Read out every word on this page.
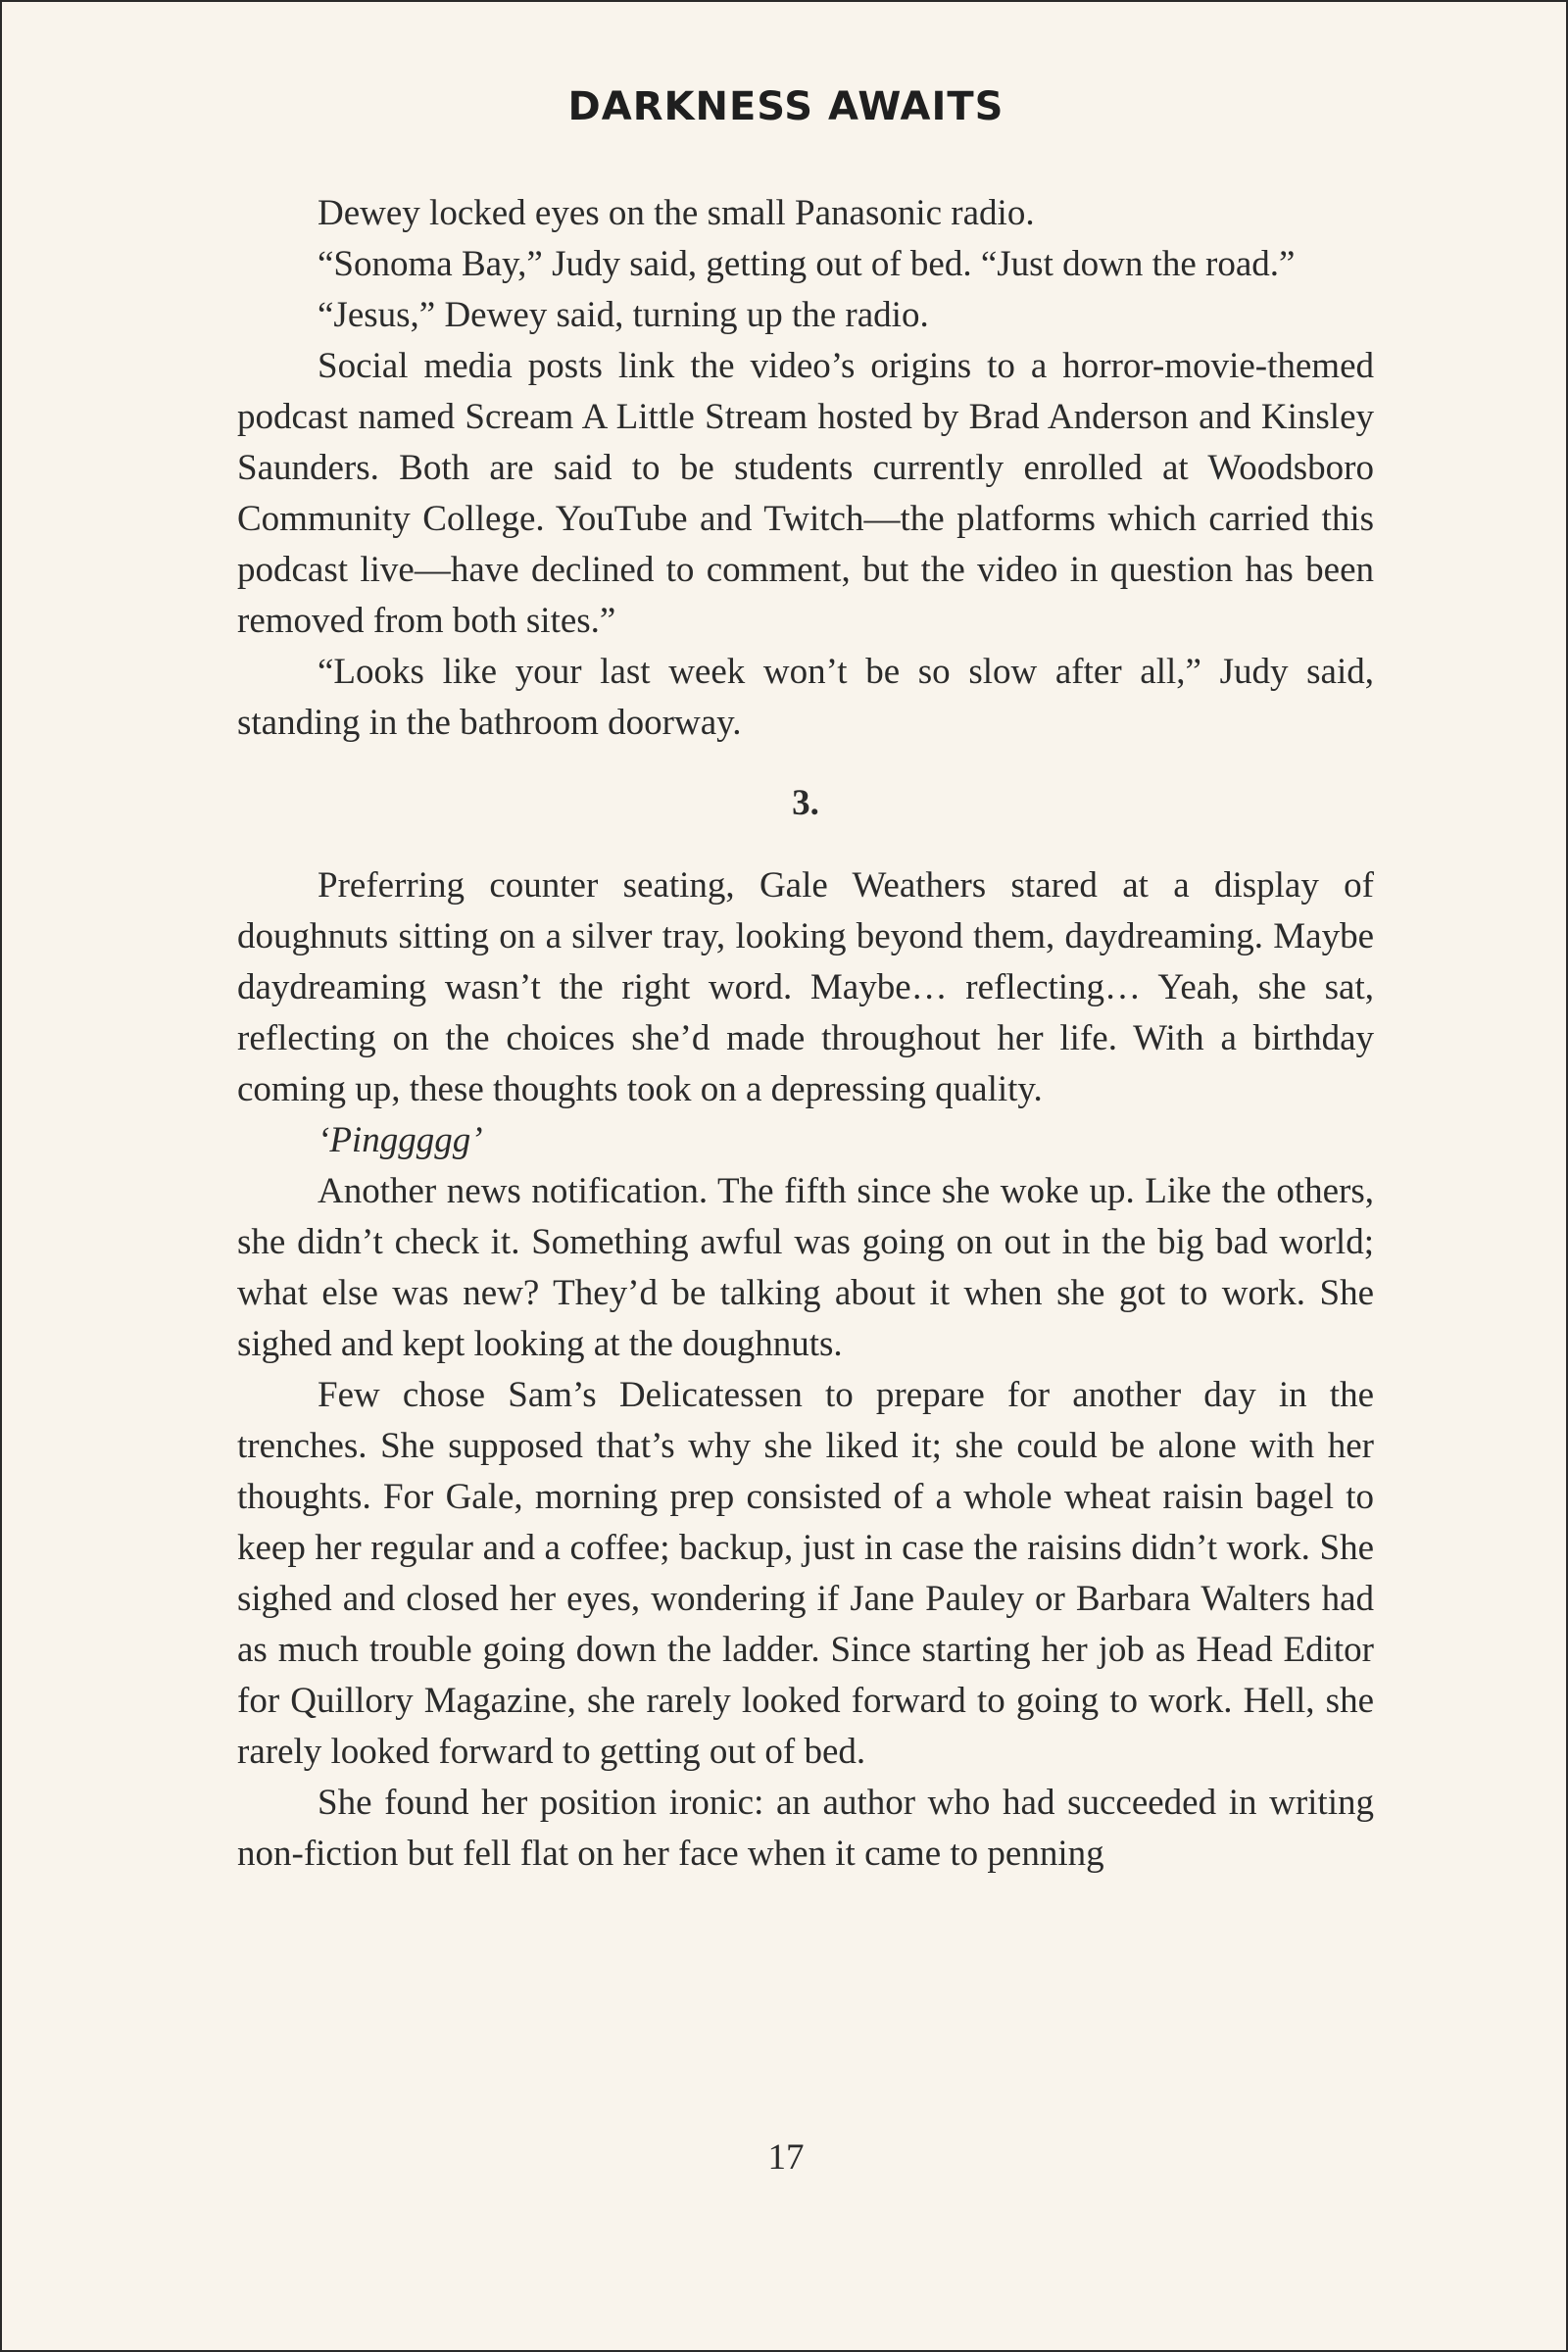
DARKNESS AWAITS

Dewey locked eyes on the small Panasonic radio.

“Sonoma Bay,” Judy said, getting out of bed. “Just down the road.”

“Jesus,” Dewey said, turning up the radio.

Social media posts link the video’s origins to a horror-movie-themed podcast named Scream A Little Stream hosted by Brad Anderson and Kinsley Saunders. Both are said to be students currently enrolled at Woodsboro Community College. YouTube and Twitch—the platforms which carried this podcast live—have declined to comment, but the video in question has been removed from both sites.”

“Looks like your last week won’t be so slow after all,” Judy said, standing in the bathroom doorway.

3.

Preferring counter seating, Gale Weathers stared at a display of doughnuts sitting on a silver tray, looking beyond them, daydreaming. Maybe daydreaming wasn’t the right word. Maybe… reflecting… Yeah, she sat, reflecting on the choices she’d made throughout her life. With a birthday coming up, these thoughts took on a depressing quality.

‘Pinggggg’

Another news notification. The fifth since she woke up. Like the others, she didn’t check it. Something awful was going on out in the big bad world; what else was new? They’d be talking about it when she got to work. She sighed and kept looking at the doughnuts.

Few chose Sam’s Delicatessen to prepare for another day in the trenches. She supposed that’s why she liked it; she could be alone with her thoughts. For Gale, morning prep consisted of a whole wheat raisin bagel to keep her regular and a coffee; backup, just in case the raisins didn’t work. She sighed and closed her eyes, wondering if Jane Pauley or Barbara Walters had as much trouble going down the ladder. Since starting her job as Head Editor for Quillory Magazine, she rarely looked forward to going to work. Hell, she rarely looked forward to getting out of bed.

She found her position ironic: an author who had succeeded in writing non-fiction but fell flat on her face when it came to penning

17
